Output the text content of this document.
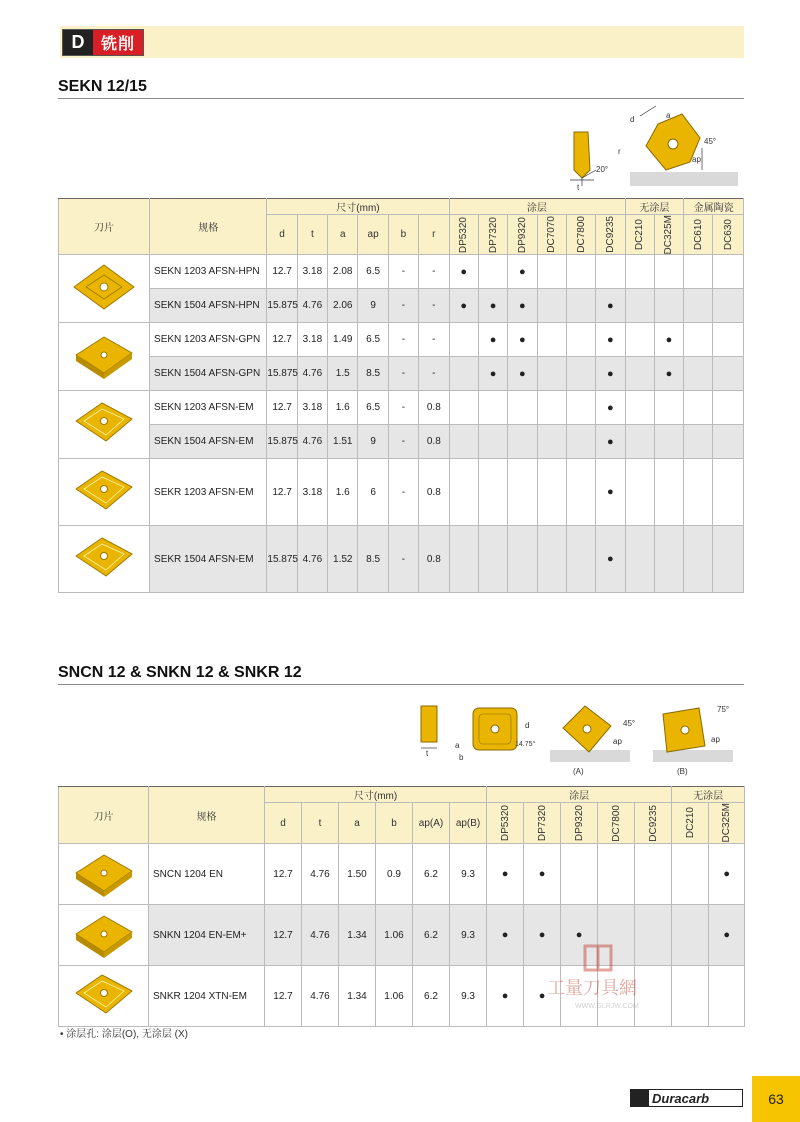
D	铣削
SEKN 12/15
20°
t
d	a
r
45°
ap
刀片	规格	尺寸(mm)						涂层						无涂层		金属陶瓷	
		d	t	a	ap	b	r	DP5320	DP7320	DP9320	DC7070	DC7800	DC9235	DC210	DC325M	DC610	DC630

	SEKN 1203 AFSN-HPN	12.7	3.18	2.08	6.5	-	-	●		●							
	SEKN 1504 AFSN-HPN	15.875	4.76	2.06	9	-	-	●	●	●			●				
	SEKN 1203 AFSN-GPN	12.7	3.18	1.49	6.5	-	-		●	●			●		●		
	SEKN 1504 AFSN-GPN	15.875	4.76	1.5	8.5	-	-		●	●			●		●		
	SEKN 1203 AFSN-EM	12.7	3.18	1.6	6.5	-	0.8						●				
	SEKN 1504 AFSN-EM	15.875	4.76	1.51	9	-	0.8						●				
	SEKR 1203 AFSN-EM	12.7	3.18	1.6	6	-	0.8						●				
	SEKR 1504 AFSN-EM	15.875	4.76	1.52	8.5	-	0.8						●				
SNCN 12 & SNKN 12 & SNKR 12
t
d
14.75°
a
b
45°
ap
(A)
75°
ap
(B)
刀片	规格	尺寸(mm)						涂层					无涂层	
		d	t	a	b	ap(A)	ap(B)	DP5320	DP7320	DP9320	DC7800	DC9235	DC210	DC325M

	SNCN 1204 EN	12.7	4.76	1.50	0.9	6.2	9.3	●	●					●
	SNKN 1204 EN-EM+	12.7	4.76	1.34	1.06	6.2	9.3	●	●	●				●
	SNKR 1204 XTN-EM	12.7	4.76	1.34	1.06	6.2	9.3	●	●					
• 涂层孔: 涂层(O), 无涂层 (X)
工量刀具網
WWW.GLRJW.COM
Duracarb	63
